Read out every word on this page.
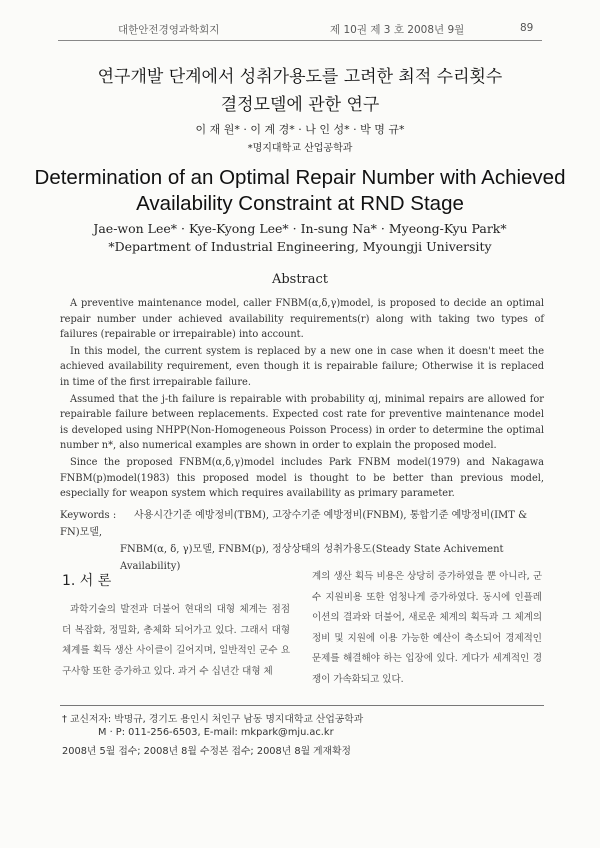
대한안전경영과학회지	제 10권 제 3 호 2008년 9월	89
연구개발 단계에서 성취가용도를 고려한 최적 수리횟수
결정모델에 관한 연구
이 재 원* · 이 계 경* · 나 인 성* · 박 명 규*
*명지대학교 산업공학과
Determination of an Optimal Repair Number with Achieved
Availability Constraint at RND Stage
Jae-won Lee* · Kye-Kyong Lee* · In-sung Na* · Myeong-Kyu Park*
*Department of Industrial Engineering, Myoungji University
Abstract

A preventive maintenance model, caller FNBM(α,δ,γ)model, is proposed to decide an optimal repair number under achieved availability requirements(r) along with taking two types of failures (repairable or irrepairable) into account.

In this model, the current system is replaced by a new one in case when it doesn't meet the achieved availability requirement, even though it is repairable failure; Otherwise it is replaced in time of the first irrepairable failure.

Assumed that the j-th failure is repairable with probability αj, minimal repairs are allowed for repairable failure between replacements. Expected cost rate for preventive maintenance model is developed using NHPP(Non-Homogeneous Poisson Process) in order to determine the optimal number n*, also numerical examples are shown in order to explain the proposed model.

Since the proposed FNBM(α,δ,γ)model includes Park FNBM model(1979) and Nakagawa FNBM(p)model(1983) this proposed model is thought to be better than previous model, especially for weapon system which requires availability as primary parameter.

Keywords : 사용시간기준 예방정비(TBM), 고장수기준 예방정비(FNBM), 통합기준 예방정비(IMT & FN)모델,
FNBM(α, δ, γ)모델, FNBM(p), 정상상태의 성취가용도(Steady State Achivement Availability)
1. 서 론

과학기술의 발전과 더불어 현대의 대형 체계는 점점 더 복잡화, 정밀화, 총체화 되어가고 있다. 그래서 대형 체계를 획득 생산 사이클이 길어지며, 일반적인 군수 요구사항 또한 증가하고 있다. 과거 수 십년간 대형 체

계의 생산 획득 비용은 상당히 증가하였을 뿐 아니라, 군수 지원비용 또한 엄청나게 증가하였다. 동시에 인플레이션의 결과와 더불어, 새로운 체계의 획득과 그 체계의 정비 및 지원에 이용 가능한 예산이 축소되어 경제적인 문제를 해결해야 하는 입장에 있다. 게다가 세계적인 경쟁이 가속화되고 있다.

† 교신저자: 박명규, 경기도 용인시 처인구 남동 명지대학교 산업공학과
M · P: 011-256-6503, E-mail: mkpark@mju.ac.kr
2008년 5월 접수; 2008년 8월 수정본 접수; 2008년 8월 게재확정
